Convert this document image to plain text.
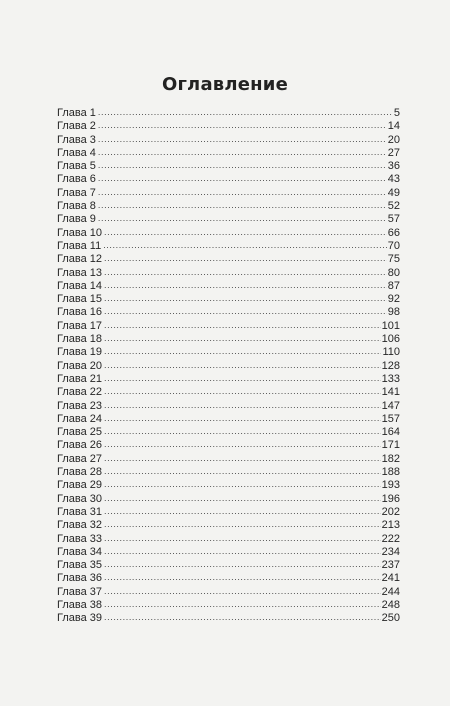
Оглавление
Глава 1 .....	5
Глава 2 .....	14
Глава 3 .....	20
Глава 4 .....	27
Глава 5 .....	36
Глава 6 .....	43
Глава 7 .....	49
Глава 8 .....	52
Глава 9 .....	57
Глава 10 .....	66
Глава 11 .....	70
Глава 12 .....	75
Глава 13 .....	80
Глава 14 .....	87
Глава 15 .....	92
Глава 16 .....	98
Глава 17 .....	101
Глава 18 .....	106
Глава 19 .....	110
Глава 20 .....	128
Глава 21 .....	133
Глава 22 .....	141
Глава 23 .....	147
Глава 24 .....	157
Глава 25 .....	164
Глава 26 .....	171
Глава 27 .....	182
Глава 28 .....	188
Глава 29 .....	193
Глава 30 .....	196
Глава 31 .....	202
Глава 32 .....	213
Глава 33 .....	222
Глава 34 .....	234
Глава 35 .....	237
Глава 36 .....	241
Глава 37 .....	244
Глава 38 .....	248
Глава 39 .....	250
